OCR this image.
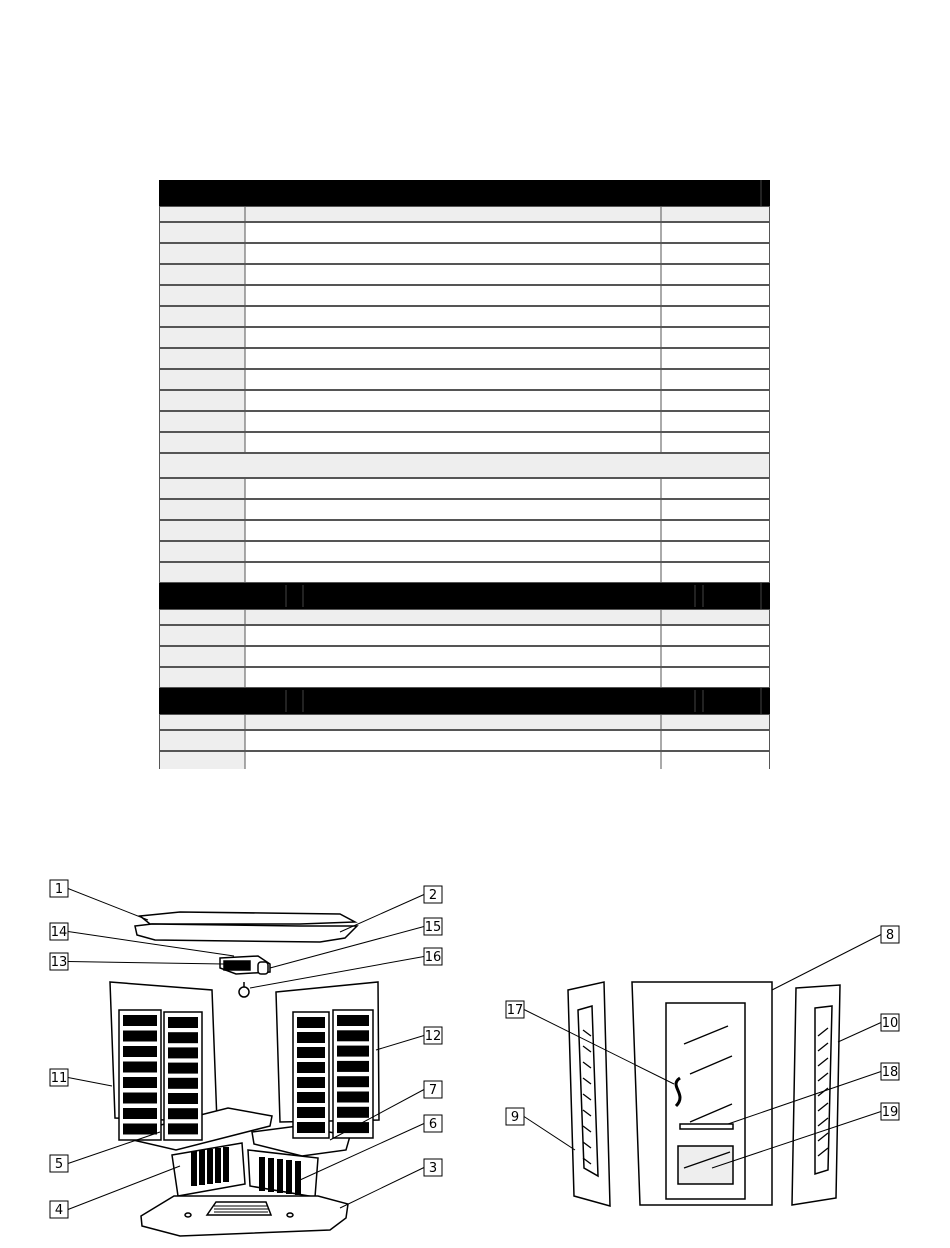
1	2
3
4
5
6
7
8
9
10
11
12
13
14	15
16
17
18
19
